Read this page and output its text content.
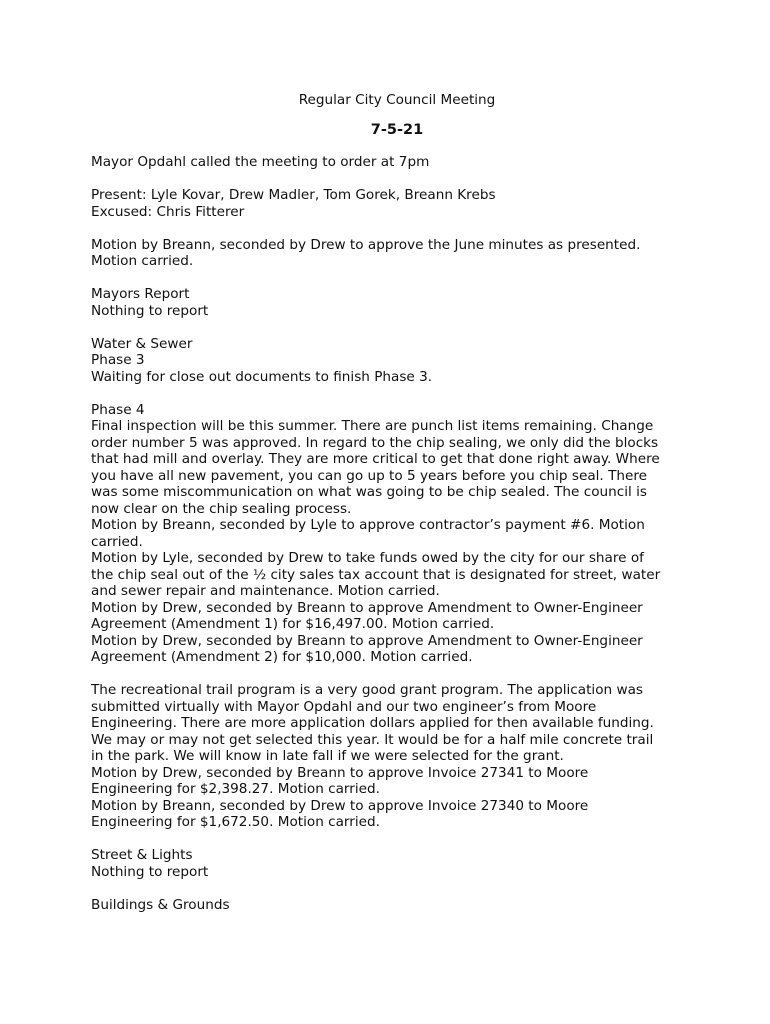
Regular City Council Meeting
7-5-21
Mayor Opdahl called the meeting to order at 7pm
Present: Lyle Kovar, Drew Madler, Tom Gorek, Breann Krebs
Excused: Chris Fitterer
Motion by Breann, seconded by Drew to approve the June minutes as presented.
Motion carried.
Mayors Report
Nothing to report
Water & Sewer
Phase 3
Waiting for close out documents to finish Phase 3.
Phase 4
Final inspection will be this summer. There are punch list items remaining. Change
order number 5 was approved. In regard to the chip sealing, we only did the blocks
that had mill and overlay. They are more critical to get that done right away. Where
you have all new pavement, you can go up to 5 years before you chip seal. There
was some miscommunication on what was going to be chip sealed. The council is
now clear on the chip sealing process.
Motion by Breann, seconded by Lyle to approve contractor’s payment #6. Motion
carried.
Motion by Lyle, seconded by Drew to take funds owed by the city for our share of
the chip seal out of the ½ city sales tax account that is designated for street, water
and sewer repair and maintenance. Motion carried.
Motion by Drew, seconded by Breann to approve Amendment to Owner-Engineer
Agreement (Amendment 1) for $16,497.00. Motion carried.
Motion by Drew, seconded by Breann to approve Amendment to Owner-Engineer
Agreement (Amendment 2) for $10,000. Motion carried.
The recreational trail program is a very good grant program. The application was
submitted virtually with Mayor Opdahl and our two engineer’s from Moore
Engineering. There are more application dollars applied for then available funding.
We may or may not get selected this year. It would be for a half mile concrete trail
in the park. We will know in late fall if we were selected for the grant.
Motion by Drew, seconded by Breann to approve Invoice 27341 to Moore
Engineering for $2,398.27. Motion carried.
Motion by Breann, seconded by Drew to approve Invoice 27340 to Moore
Engineering for $1,672.50. Motion carried.
Street & Lights
Nothing to report
Buildings & Grounds
